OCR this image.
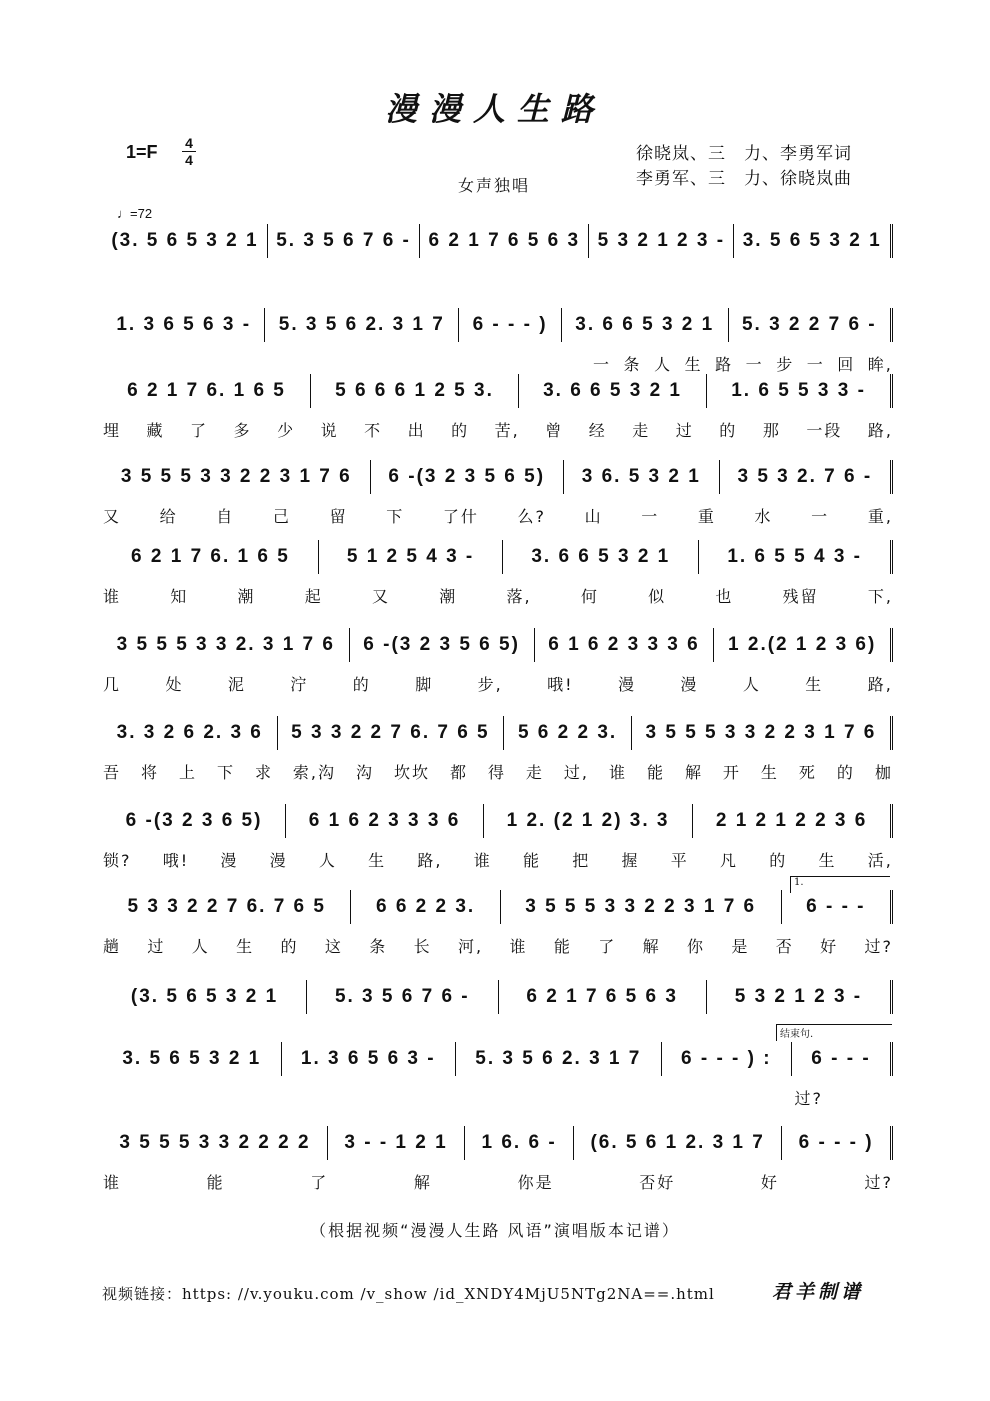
漫漫人生路
1=F 4
4	徐晓岚、三　力、李勇军词
李勇军、三　力、徐晓岚曲
女声独唱
♩=72
(3. 5 6 5 3 2 1 5. 3 5 6 7 6 - 6 2 1 7 6 5 6 3 5 3 2 1 2 3 - 3. 5 6 5 3 2 1
1. 3 6 5 6 3 -	5. 3 5 6 2. 3 1 7	6 - - - )	3. 6 6 5 3 2 1	5. 3 2 2 7 6 -
一 条 人 生 路 一 步 一 回 眸,
6 2 1 7 6. 1 6 5	5 6 6 6 1 2 5 3.	3. 6 6 5 3 2 1	1. 6 5 5 3 3 -
埋 藏 了 多 少 说 不 出 的 苦, 曾 经 走 过 的 那 一段 路,
3 5 5 5 3 3 2 2 3 1 7 6	6 -(3 2 3 5 6 5)	3 6. 5 3 2 1	3 5 3 2. 7 6 -
又 给 自 己 留 下 了什 么? 山 一 重 水 一 重,
6 2 1 7 6. 1 6 5	5 1 2 5 4 3 -	3. 6 6 5 3 2 1	1. 6 5 5 4 3 -
谁	知	潮	起	又	潮	落,	何	似	也	残留	下,
3 5 5 5 3 3 2. 3 1 7 6	6 -(3 2 3 5 6 5)	6 1 6 2 3 3 3 6	1 2.(2 1 2 3 6)
几	处	泥	泞	的	脚	步,	哦!	漫	漫	人	生	路,
3. 3 2 6 2. 3 6	5 3 3 2 2 7 6. 7 6 5	5 6 2 2 3.	3 5 5 5 3 3 2 2 3 1 7 6
吾 将 上 下 求 索,沟 沟 坎坎 都 得 走 过, 谁 能 解 开 生 死 的 枷
6 -(3 2 3 6 5)	6 1 6 2 3 3 3 6	1 2. (2 1 2) 3. 3	2 1 2 1 2 2 3 6
锁? 哦! 漫 漫 人 生 路, 谁 能 把 握 平 凡 的 生 活,
5 3 3 2 2 7 6. 7 6 5	6 6 2 2 3.	3 5 5 5 3 3 2 2 3 1 7 6	6 - - -
趟 过 人 生 的 这 条 长 河, 谁 能 了 解 你 是 否 好 过?
(3. 5 6 5 3 2 1	5. 3 5 6 7 6 -	6 2 1 7 6 5 6 3	5 3 2 1 2 3 -
3. 5 6 5 3 2 1	1. 3 6 5 6 3 -	5. 3 5 6 2. 3 1 7	6 - - - ) :	6 - - -
过?
3 5 5 5 3 3 2 2 2 2	3 - - 1 2 1	1 6. 6 -	(6. 5 6 1 2. 3 1 7	6 - - - )
谁	能	了	解	你是	否好	好	过?
1.
结束句.
（根据视频“漫漫人生路 风语”演唱版本记谱）
视频链接：https: //v.youku.com /v_show /id_XNDY4MjU5NTg2NA==.html	君羊制谱
